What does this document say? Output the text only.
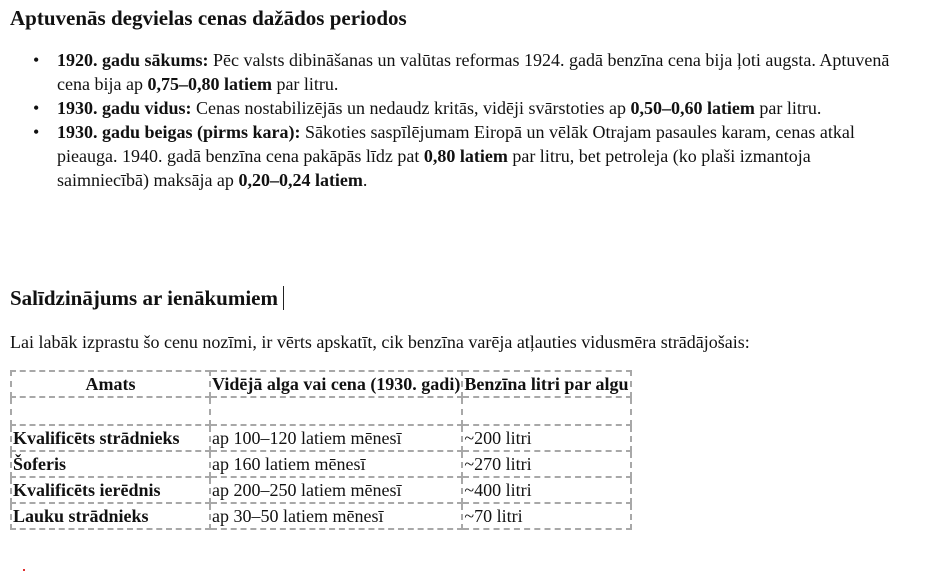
Aptuvenās degvielas cenas dažādos periodos
• 1920. gadu sākums: Pēc valsts dibināšanas un valūtas reformas 1924. gadā benzīna cena bija ļoti augsta. Aptuvenā cena bija ap 0,75–0,80 latiem par litru.
• 1930. gadu vidus: Cenas nostabilizējās un nedaudz kritās, vidēji svārstoties ap 0,50–0,60 latiem par litru.
• 1930. gadu beigas (pirms kara): Sākoties saspīlējumam Eiropā un vēlāk Otrajam pasaules karam, cenas atkal pieauga. 1940. gadā benzīna cena pakāpās līdz pat 0,80 latiem par litru, bet petroleja (ko plaši izmantoja saimniecībā) maksāja ap 0,20–0,24 latiem.
Salīdzinājums ar ienākumiem

Lai labāk izprastu šo cenu nozīmi, ir vērts apskatīt, cik benzīna varēja atļauties vidusmēra strādājošais:

Amats	Vidējā alga vai cena (1930. gadi)	Benzīna litri par algu

Kvalificēts strādnieks	ap 100–120 latiem mēnesī	~200 litri
Šoferis	ap 160 latiem mēnesī	~270 litri
Kvalificēts ierēdnis	ap 200–250 latiem mēnesī	~400 litri
Lauku strādnieks	ap 30–50 latiem mēnesī	~70 litri
